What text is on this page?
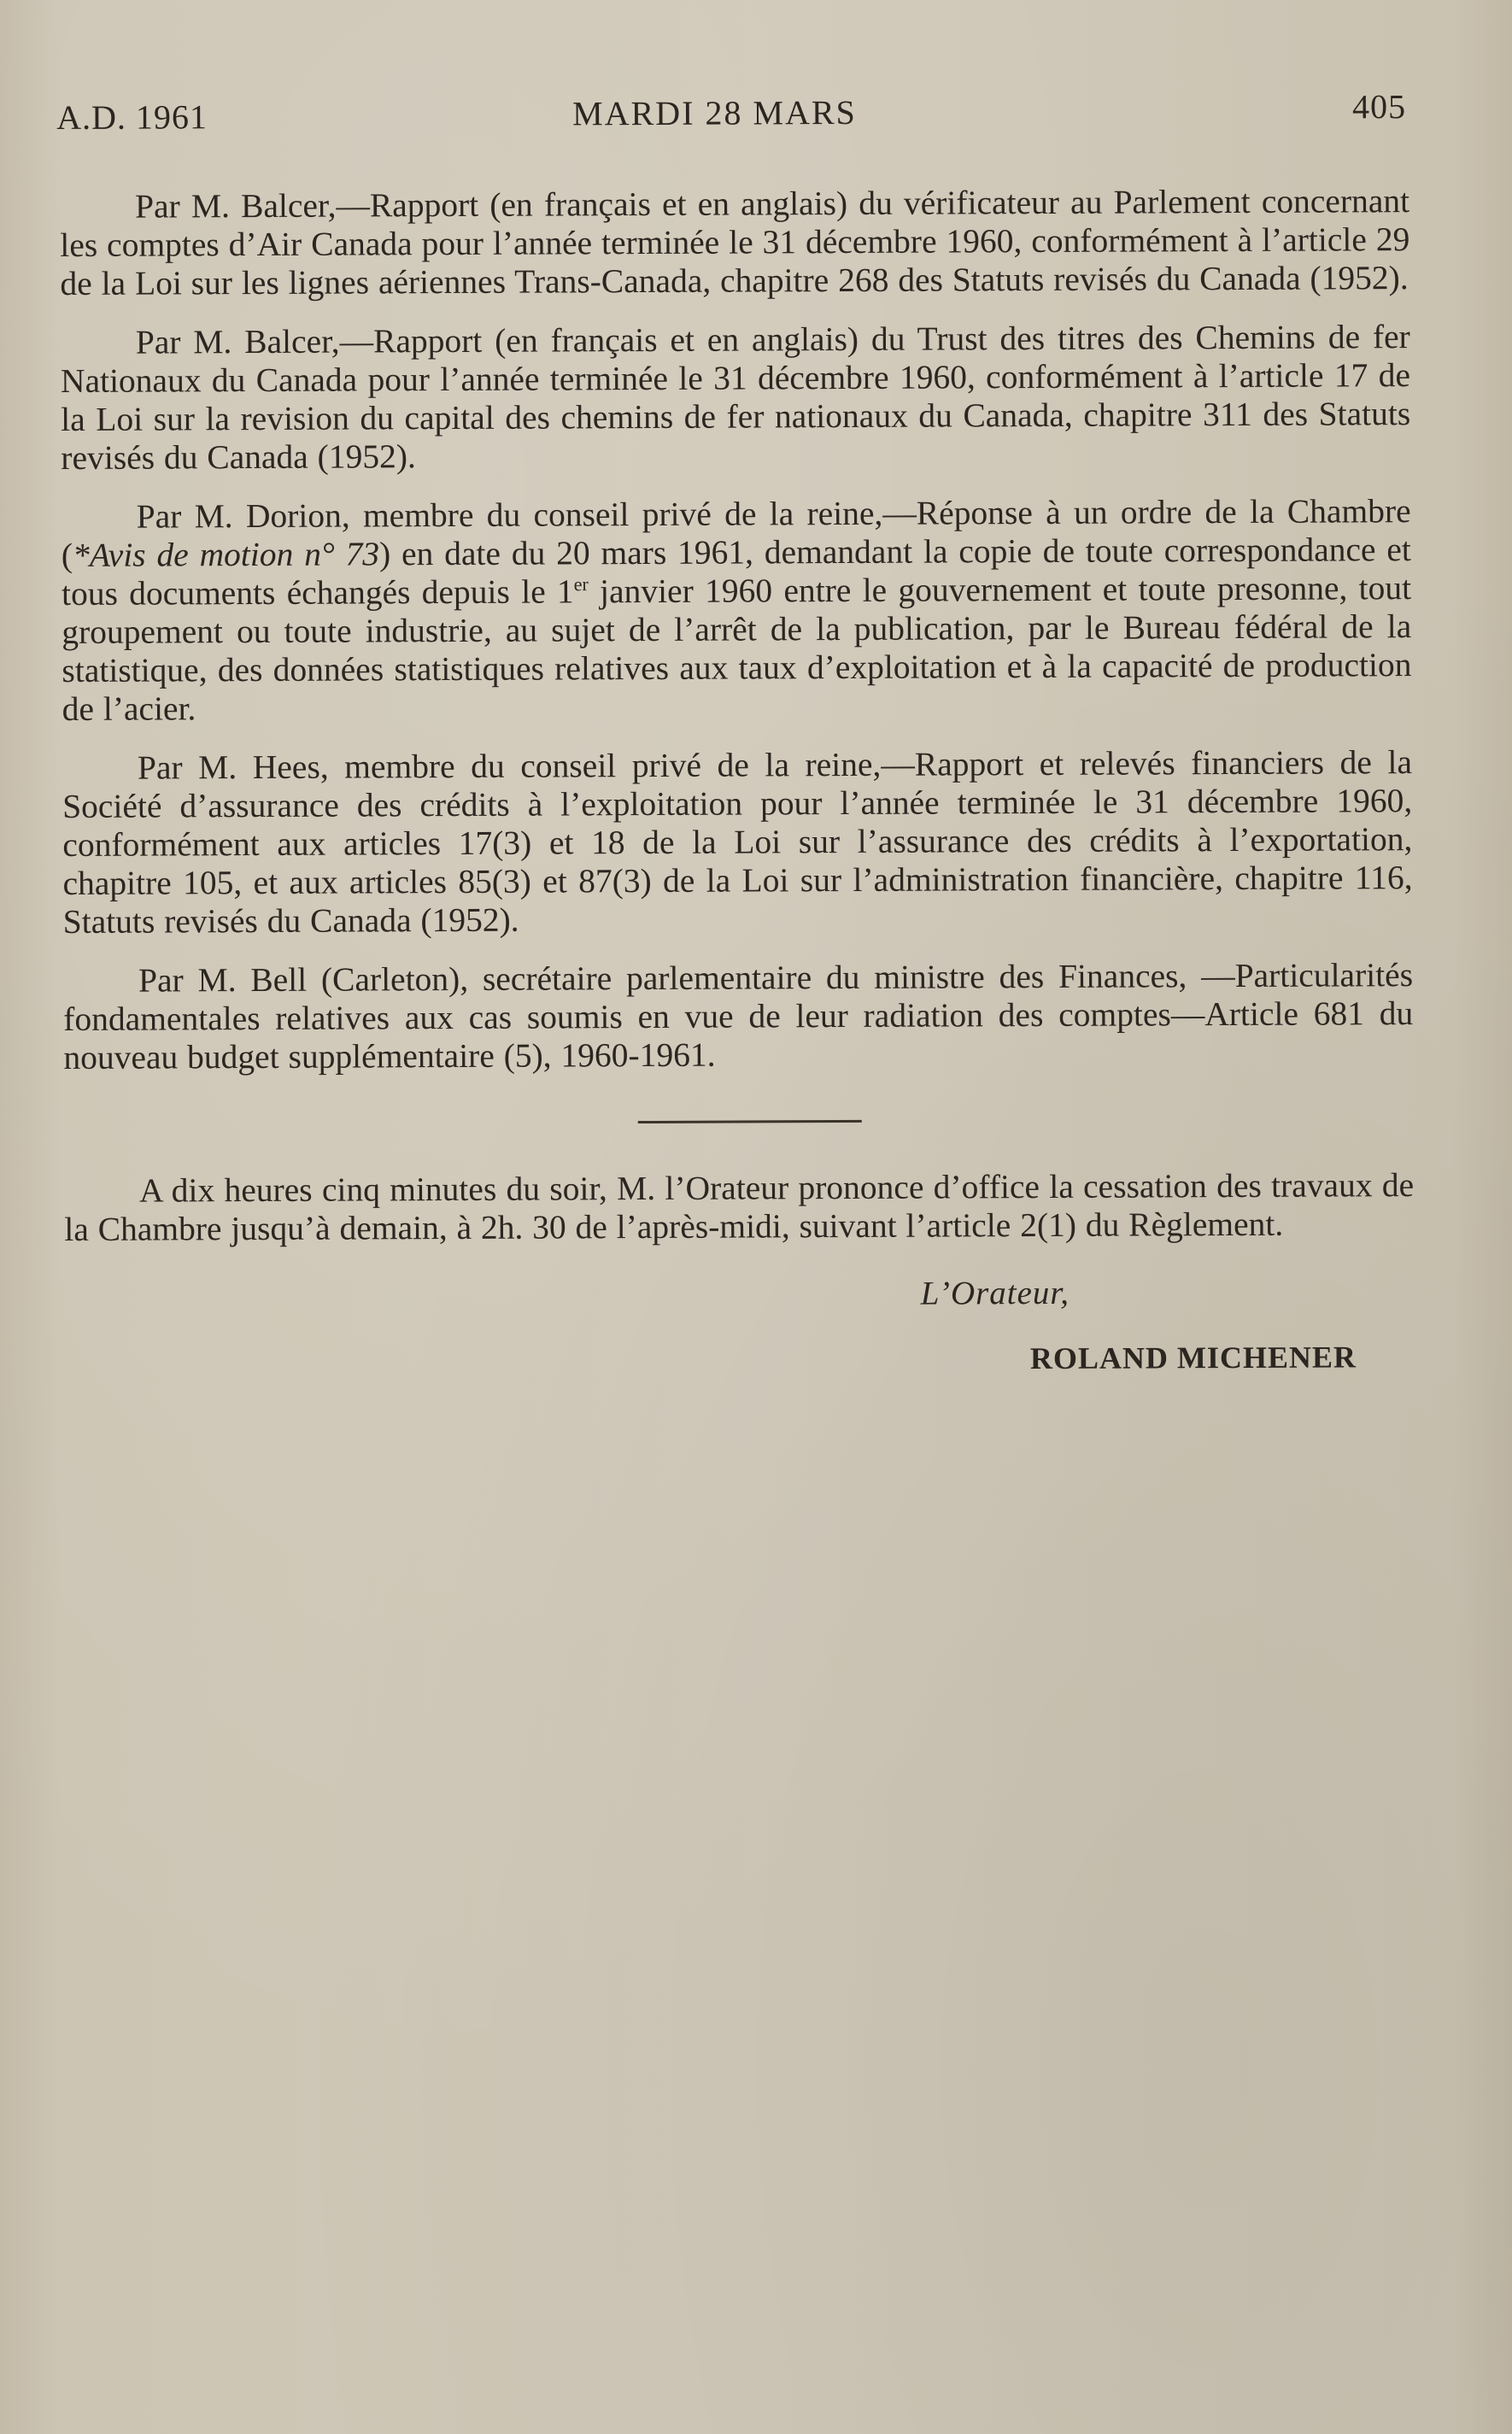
A.D. 1961	MARDI 28 MARS	405

Par M. Balcer,—Rapport (en français et en anglais) du vérificateur au Parlement concernant les comptes d’Air Canada pour l’année terminée le 31 décembre 1960, conformément à l’article 29 de la Loi sur les lignes aériennes Trans-Canada, chapitre 268 des Statuts revisés du Canada (1952).

Par M. Balcer,—Rapport (en français et en anglais) du Trust des titres des Chemins de fer Nationaux du Canada pour l’année terminée le 31 décembre 1960, conformément à l’article 17 de la Loi sur la revision du capital des chemins de fer nationaux du Canada, chapitre 311 des Statuts revisés du Canada (1952).

Par M. Dorion, membre du conseil privé de la reine,—Réponse à un ordre de la Chambre (*Avis de motion n° 73) en date du 20 mars 1961, demandant la copie de toute correspondance et tous documents échangés depuis le 1er janvier 1960 entre le gouvernement et toute presonne, tout groupement ou toute industrie, au sujet de l’arrêt de la publication, par le Bureau fédéral de la statistique, des données statistiques relatives aux taux d’exploitation et à la capacité de production de l’acier.

Par M. Hees, membre du conseil privé de la reine,—Rapport et relevés financiers de la Société d’assurance des crédits à l’exploitation pour l’année terminée le 31 décembre 1960, conformément aux articles 17(3) et 18 de la Loi sur l’assurance des crédits à l’exportation, chapitre 105, et aux articles 85(3) et 87(3) de la Loi sur l’administration financière, chapitre 116, Statuts revisés du Canada (1952).

Par M. Bell (Carleton), secrétaire parlementaire du ministre des Finances, —Particularités fondamentales relatives aux cas soumis en vue de leur radiation des comptes—Article 681 du nouveau budget supplémentaire (5), 1960-1961.

A dix heures cinq minutes du soir, M. l’Orateur prononce d’office la cessation des travaux de la Chambre jusqu’à demain, à 2h. 30 de l’après-midi, suivant l’article 2(1) du Règlement.

L’Orateur,
ROLAND MICHENER
